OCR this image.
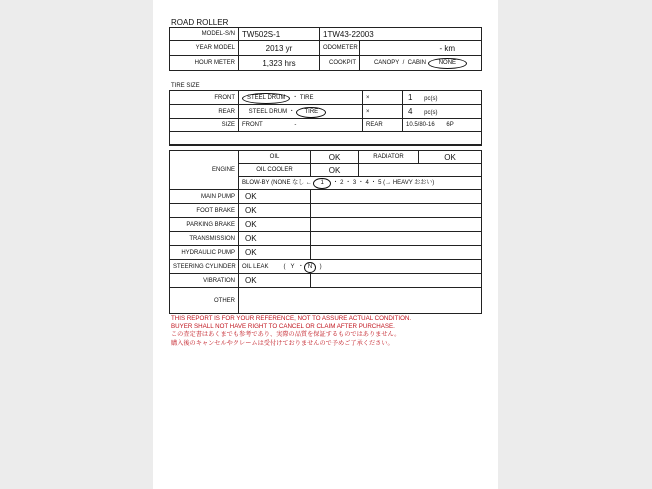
ROAD ROLLER
MODEL-S/N	TW502S-1	1TW43-22003	
YEAR MODEL	2013 yr	ODOMETER	- km
HOUR METER	1,323 hrs	COOKPIT	CANOPY / CABIN NONE
TIRE SIZE
FRONT	STEEL DRUM ・ TIRE	×	1 pc(s)
REAR	STEEL DRUM ・ TIRE	×	4 pc(s)
SIZE	FRONT -	REAR	10.5/80-16 6P

ENGINE	OIL	OK	RADIATOR	OK
	OIL COOLER	OK		
	BLOW-BY (NONE なし ← 1 ・ 2 ・ 3 ・ 4 ・ 5 (→ HEAVY おおい)			
MAIN PUMP	OK			
FOOT BRAKE	OK			
PARKING BRAKE	OK			
TRANSMISSION	OK			
HYDRAULIC PUMP	OK			
STEERING CYLINDER	OIL LEAK ( Y ・ N )			
VIBRATION	OK			
OTHER				
THIS REPORT IS FOR YOUR REFERENCE, NOT TO ASSURE ACTUAL CONDITION.
BUYER SHALL NOT HAVE RIGHT TO CANCEL OR CLAIM AFTER PURCHASE.
この査定書はあくまでも参考であり、実際の品質を保証するものではありません。
購入後のキャンセルやクレームは受付けておりませんので予めご了承ください。
